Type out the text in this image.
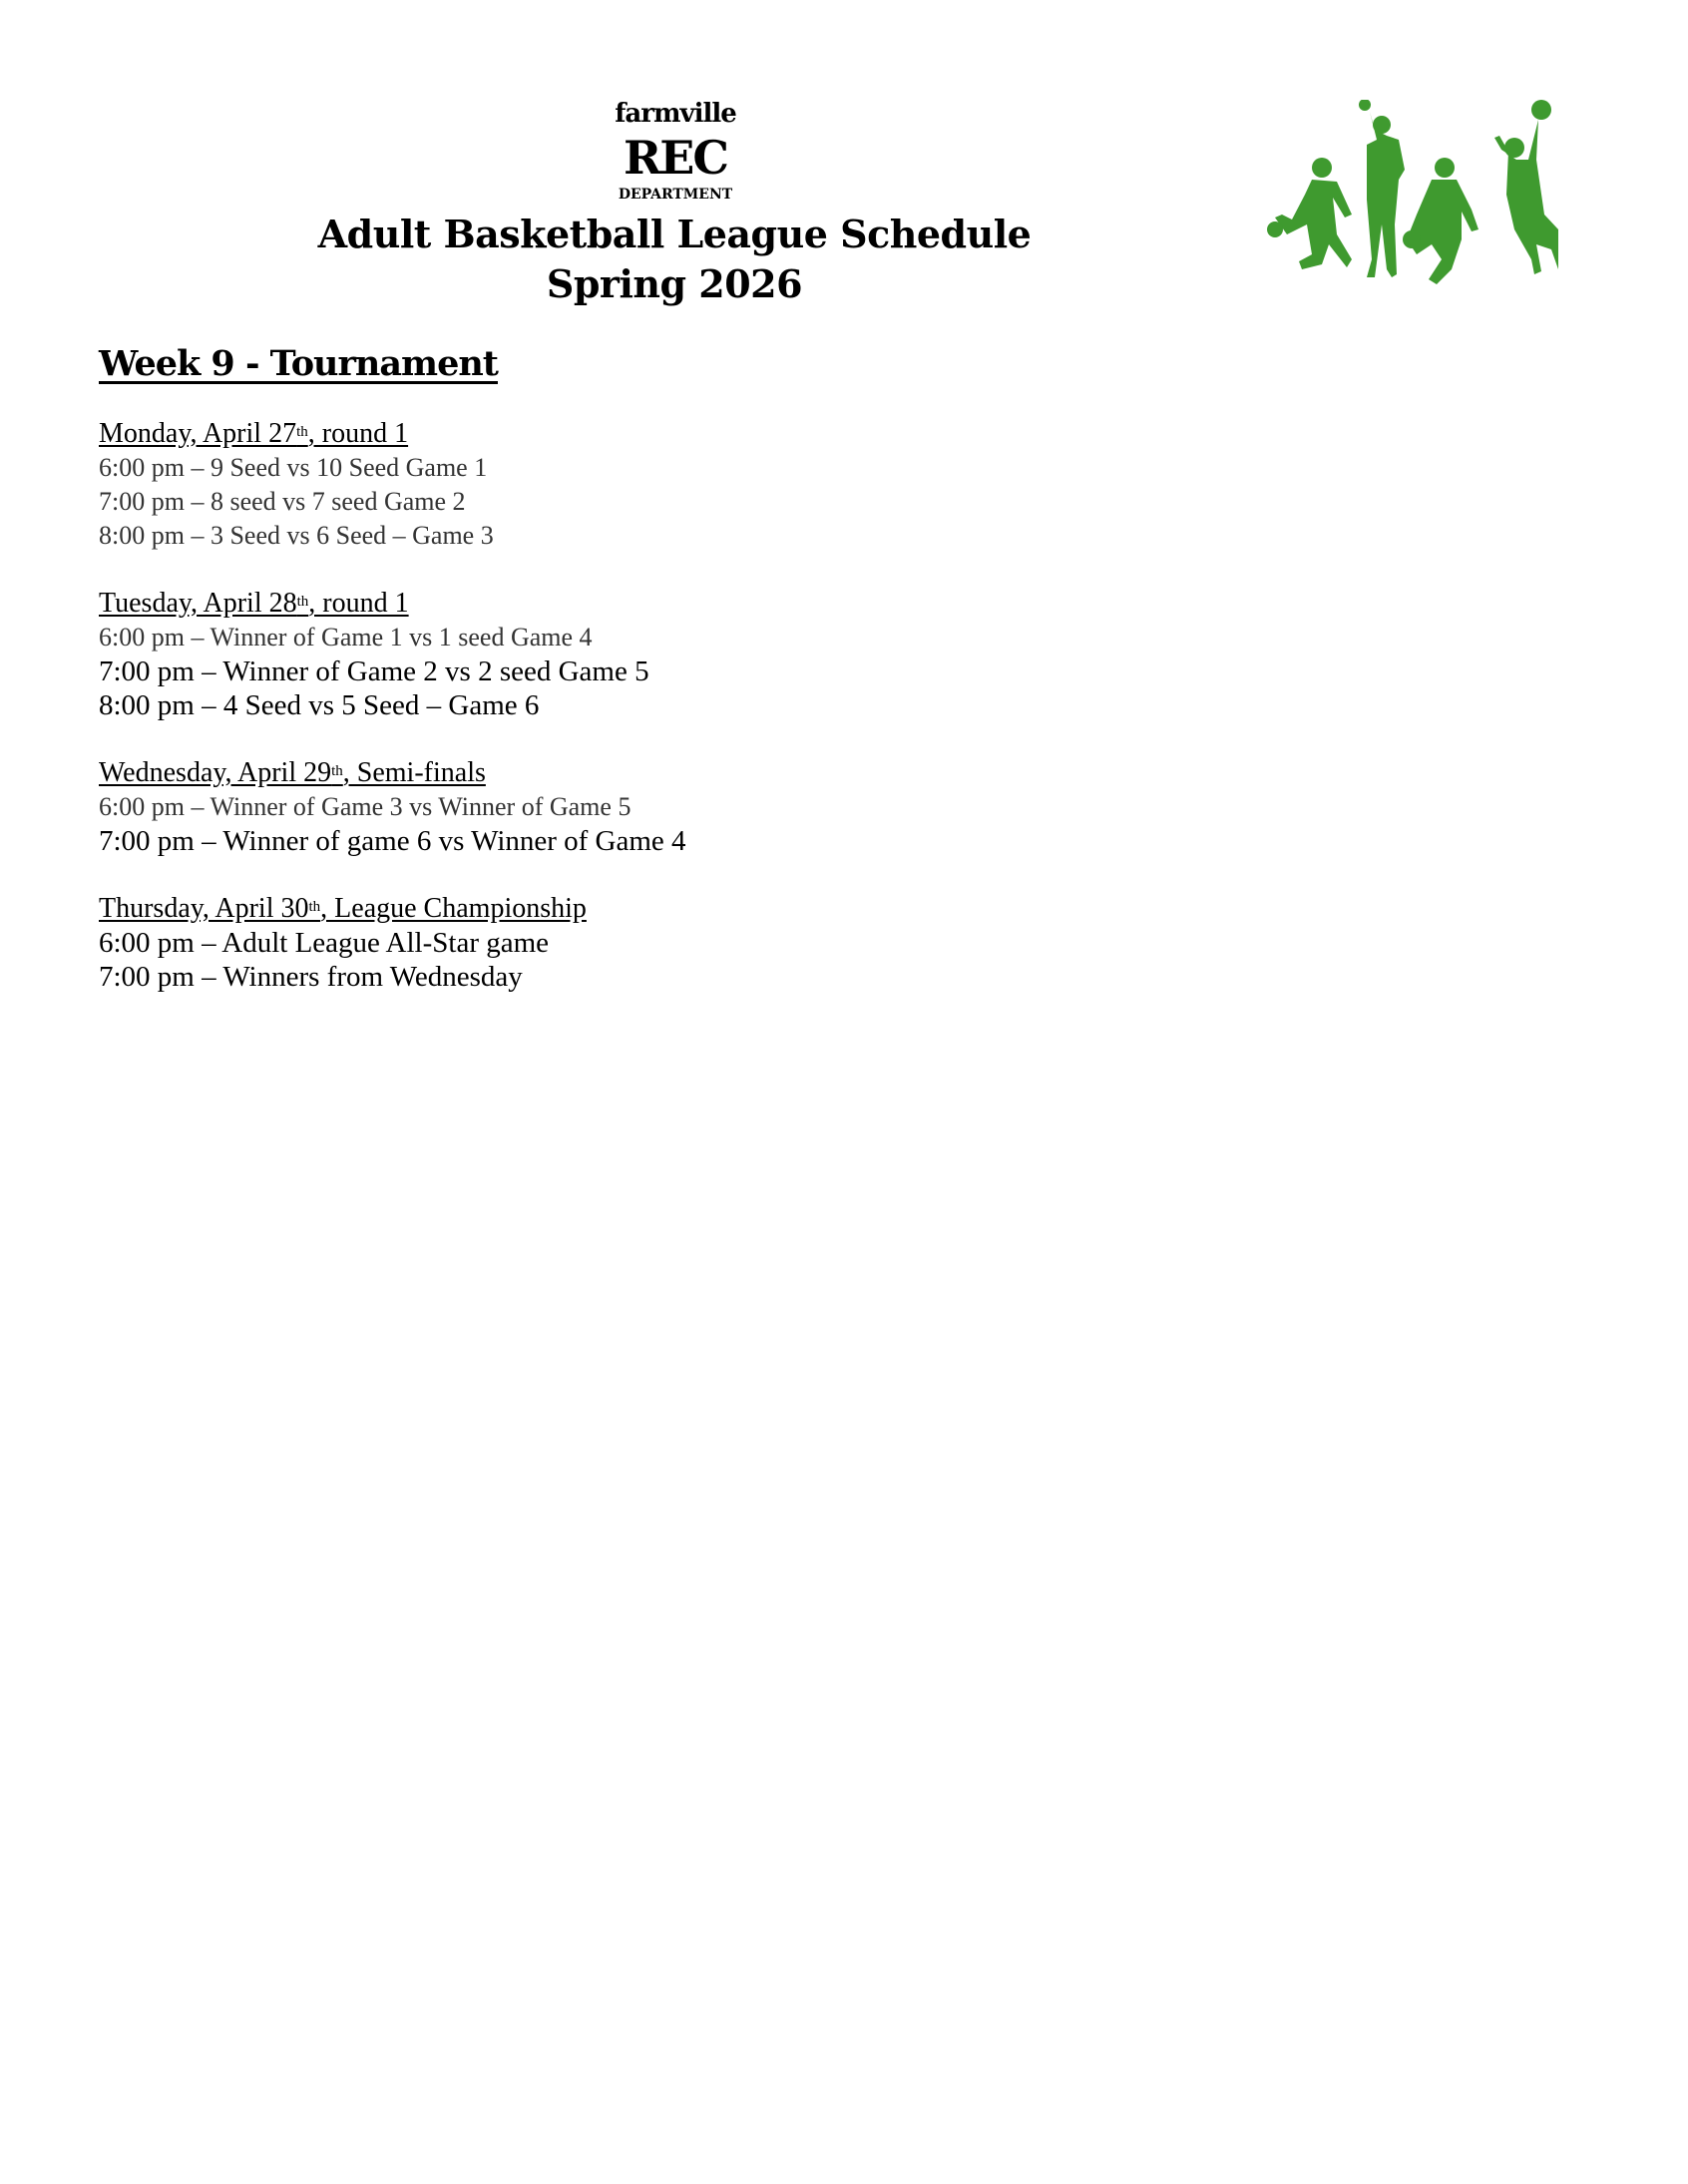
farmville
REC
DEPARTMENT
Adult Basketball League Schedule
Spring 2026
Week 9 - Tournament
Monday, April 27th, round 1
6:00 pm – 9 Seed vs 10 Seed Game 1
7:00 pm – 8 seed vs 7 seed Game 2
8:00 pm – 3 Seed vs 6 Seed – Game 3
Tuesday, April 28th, round 1
6:00 pm – Winner of Game 1 vs 1 seed Game 4
7:00 pm – Winner of Game 2 vs 2 seed Game 5
8:00 pm – 4 Seed vs 5 Seed – Game 6
Wednesday, April 29th, Semi-finals
6:00 pm – Winner of Game 3 vs Winner of Game 5
7:00 pm – Winner of game 6 vs Winner of Game 4
Thursday, April 30th, League Championship
6:00 pm – Adult League All-Star game
7:00 pm – Winners from Wednesday
